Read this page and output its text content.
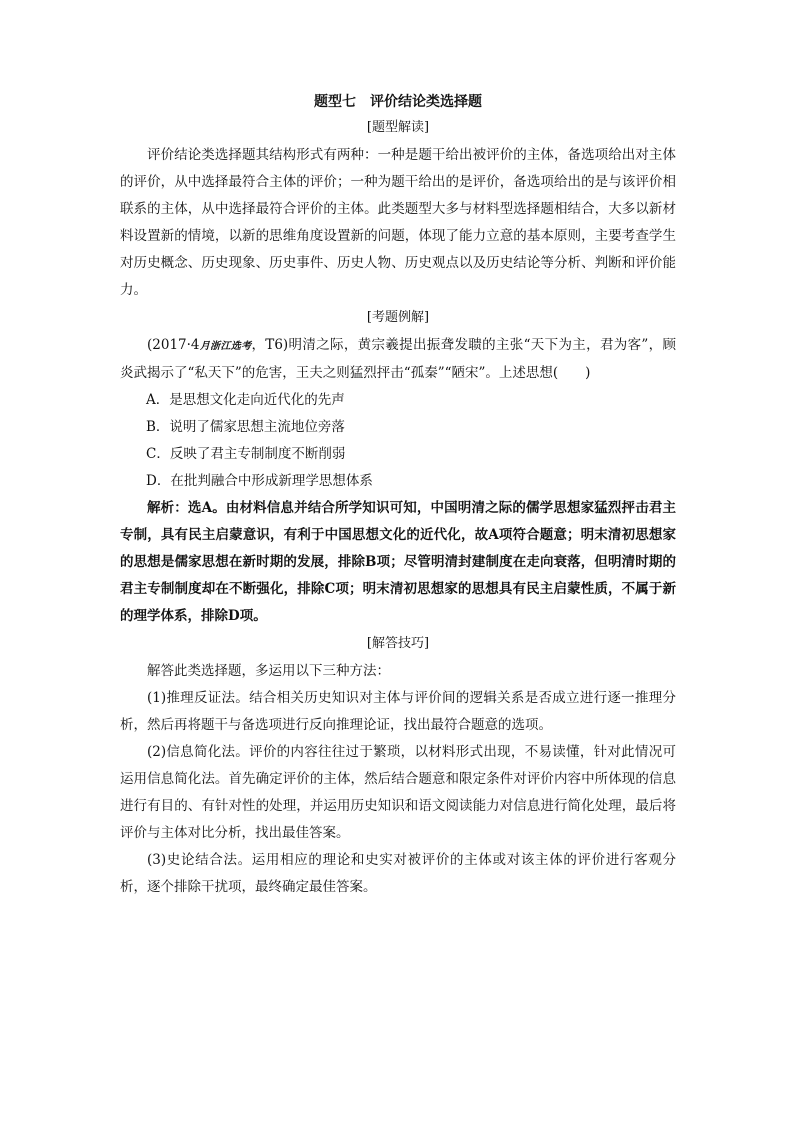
题型七　评价结论类选择题
[题型解读]

评价结论类选择题其结构形式有两种：一种是题干给出被评价的主体，备选项给出对主体的评价，从中选择最符合主体的评价；一种为题干给出的是评价，备选项给出的是与该评价相联系的主体，从中选择最符合评价的主体。此类题型大多与材料型选择题相结合，大多以新材料设置新的情境，以新的思维角度设置新的问题，体现了能力立意的基本原则，主要考查学生对历史概念、历史现象、历史事件、历史人物、历史观点以及历史结论等分析、判断和评价能力。

[考题例解]

(2017·4月浙江选考，T6)明清之际，黄宗羲提出振聋发聩的主张“天下为主，君为客”，顾炎武揭示了“私天下”的危害，王夫之则猛烈抨击“孤秦”“陋宋”。上述思想(　　)

A．是思想文化走向近代化的先声
B．说明了儒家思想主流地位旁落
C．反映了君主专制制度不断削弱
D．在批判融合中形成新理学思想体系

解析：选A。由材料信息并结合所学知识可知，中国明清之际的儒学思想家猛烈抨击君主专制，具有民主启蒙意识，有利于中国思想文化的近代化，故A项符合题意；明末清初思想家的思想是儒家思想在新时期的发展，排除B项；尽管明清封建制度在走向衰落，但明清时期的君主专制制度却在不断强化，排除C项；明末清初思想家的思想具有民主启蒙性质，不属于新的理学体系，排除D项。

[解答技巧]

解答此类选择题，多运用以下三种方法：

(1)推理反证法。结合相关历史知识对主体与评价间的逻辑关系是否成立进行逐一推理分析，然后再将题干与备选项进行反向推理论证，找出最符合题意的选项。

(2)信息简化法。评价的内容往往过于繁琐，以材料形式出现，不易读懂，针对此情况可运用信息简化法。首先确定评价的主体，然后结合题意和限定条件对评价内容中所体现的信息进行有目的、有针对性的处理，并运用历史知识和语文阅读能力对信息进行简化处理，最后将评价与主体对比分析，找出最佳答案。

(3)史论结合法。运用相应的理论和史实对被评价的主体或对该主体的评价进行客观分析，逐个排除干扰项，最终确定最佳答案。
